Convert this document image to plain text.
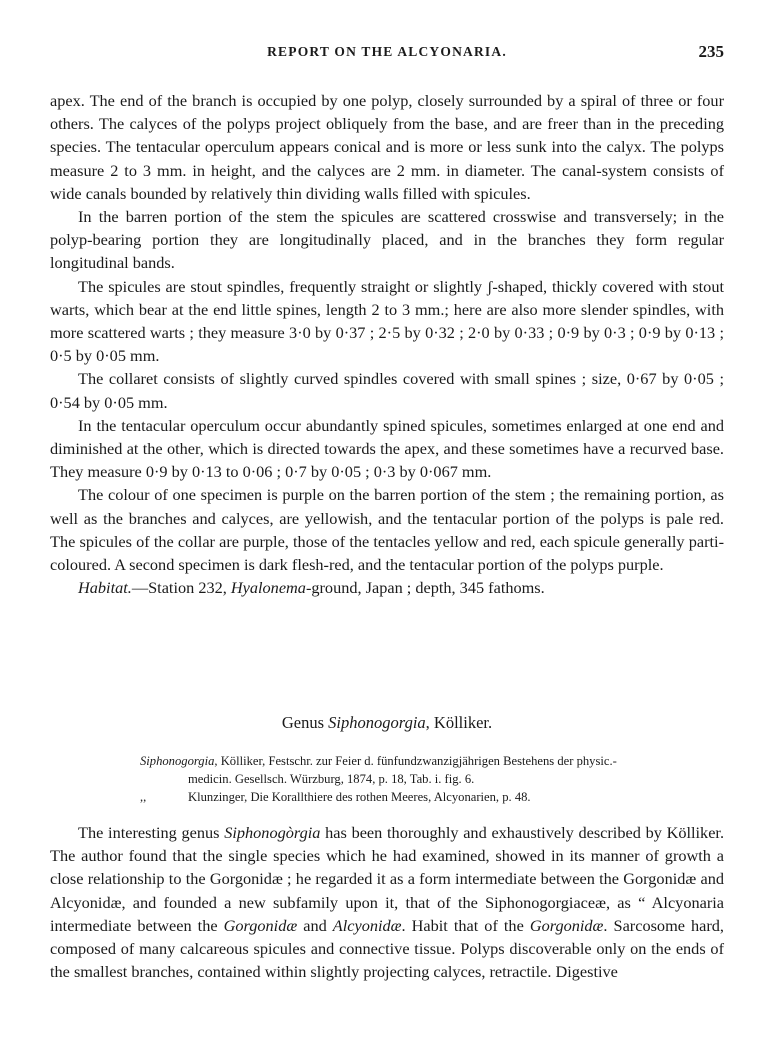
REPORT ON THE ALCYONARIA.	235

apex. The end of the branch is occupied by one polyp, closely surrounded by a spiral of three or four others. The calyces of the polyps project obliquely from the base, and are freer than in the preceding species. The tentacular operculum appears conical and is more or less sunk into the calyx. The polyps measure 2 to 3 mm. in height, and the calyces are 2 mm. in diameter. The canal-system consists of wide canals bounded by relatively thin dividing walls filled with spicules.

In the barren portion of the stem the spicules are scattered crosswise and transversely; in the polyp-bearing portion they are longitudinally placed, and in the branches they form regular longitudinal bands.

The spicules are stout spindles, frequently straight or slightly ʃ-shaped, thickly covered with stout warts, which bear at the end little spines, length 2 to 3 mm.; here are also more slender spindles, with more scattered warts ; they measure 3·0 by 0·37 ; 2·5 by 0·32 ; 2·0 by 0·33 ; 0·9 by 0·3 ; 0·9 by 0·13 ; 0·5 by 0·05 mm.

The collaret consists of slightly curved spindles covered with small spines ; size, 0·67 by 0·05 ; 0·54 by 0·05 mm.

In the tentacular operculum occur abundantly spined spicules, sometimes enlarged at one end and diminished at the other, which is directed towards the apex, and these sometimes have a recurved base. They measure 0·9 by 0·13 to 0·06 ; 0·7 by 0·05 ; 0·3 by 0·067 mm.

The colour of one specimen is purple on the barren portion of the stem ; the remaining portion, as well as the branches and calyces, are yellowish, and the tentacular portion of the polyps is pale red. The spicules of the collar are purple, those of the tentacles yellow and red, each spicule generally parti-coloured. A second specimen is dark flesh-red, and the tentacular portion of the polyps purple.

Habitat.—Station 232, Hyalonema-ground, Japan ; depth, 345 fathoms.

Genus Siphonogorgia, Kölliker.
Siphonogorgia, Kölliker, Festschr. zur Feier d. fünfundzwanzigjährigen Bestehens der physic.-
medicin. Gesellsch. Würzburg, 1874, p. 18, Tab. i. fig. 6.
,,	Klunzinger, Die Korallthiere des rothen Meeres, Alcyonarien, p. 48.

The interesting genus Siphonogòrgia has been thoroughly and exhaustively described by Kölliker. The author found that the single species which he had examined, showed in its manner of growth a close relationship to the Gorgonidæ ; he regarded it as a form intermediate between the Gorgonidæ and Alcyonidæ, and founded a new subfamily upon it, that of the Siphonogorgiaceæ, as “ Alcyonaria intermediate between the Gorgonidæ and Alcyonidæ. Habit that of the Gorgonidæ. Sarcosome hard, composed of many calcareous spicules and connective tissue. Polyps discoverable only on the ends of the smallest branches, contained within slightly projecting calyces, retractile. Digestive
